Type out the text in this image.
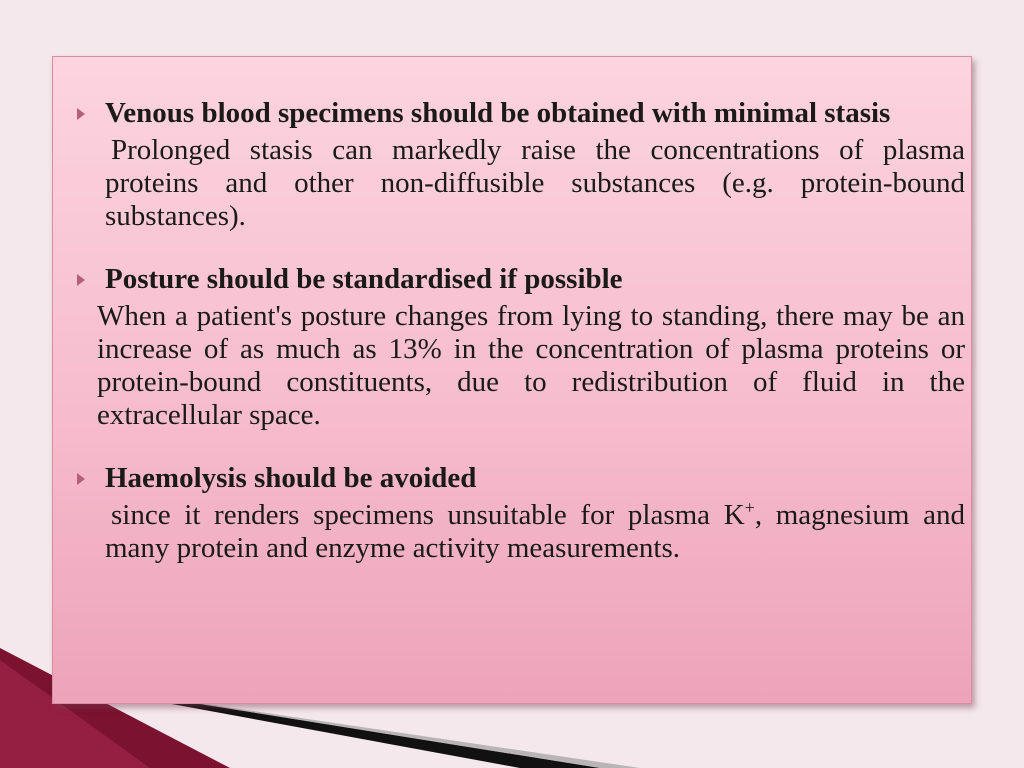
Venous blood specimens should be obtained with minimal stasis

Prolonged stasis can markedly raise the concentrations of plasma proteins and other non-diffusible substances (e.g. protein-bound substances).

Posture should be standardised if possible

When a patient's posture changes from lying to standing, there may be an increase of as much as 13% in the concentration of plasma proteins or protein-bound constituents, due to redistribution of fluid in the extracellular space.

Haemolysis should be avoided

since it renders specimens unsuitable for plasma K+, magnesium and many protein and enzyme activity measurements.
